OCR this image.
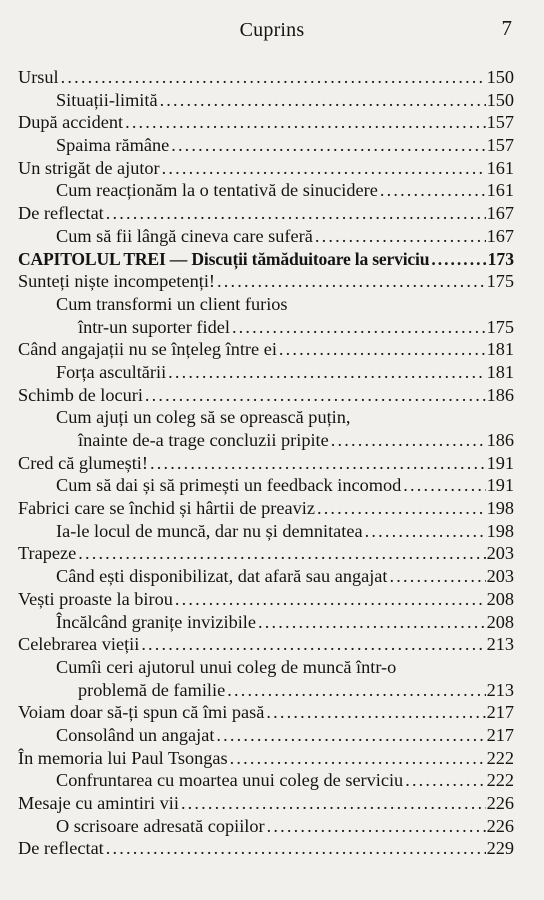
Cuprins	7
Ursul . . .	150
Situații-limită . . .	150
După accident . . .	157
Spaima rămâne . . .	157
Un strigăt de ajutor . . .	161
Cum reacționăm la o tentativă de sinucidere . . .	161
De reflectat . . .	167
Cum să fii lângă cineva care suferă . . .	167
CAPITOLUL TREI — Discuții tămăduitoare la serviciu . . .	173
Sunteți niște incompetenți! . . .	175
Cum transformi un client furios
într-un suporter fidel . . .	175
Când angajații nu se înțeleg între ei . . .	181
Forța ascultării . . .	181
Schimb de locuri . . .	186
Cum ajuți un coleg să se oprească puțin,
înainte de-a trage concluzii pripite . . .	186
Cred că glumești! . . .	191
Cum să dai și să primești un feedback incomod . . .	191
Fabrici care se închid și hârtii de preaviz . . .	198
Ia-le locul de muncă, dar nu și demnitatea . . .	198
Trapeze . . .	203
Când ești disponibilizat, dat afară sau angajat . . .	203
Vești proaste la birou . . .	208
Încălcând granițe invizibile . . .	208
Celebrarea vieții . . .	213
Cumîi ceri ajutorul unui coleg de muncă într-o
problemă de familie . . .	213
Voiam doar să-ți spun că îmi pasă . . .	217
Consolând un angajat . . .	217
În memoria lui Paul Tsongas . . .	222
Confruntarea cu moartea unui coleg de serviciu . . .	222
Mesaje cu amintiri vii . . .	226
O scrisoare adresată copiilor . . .	226
De reflectat . . .	229
